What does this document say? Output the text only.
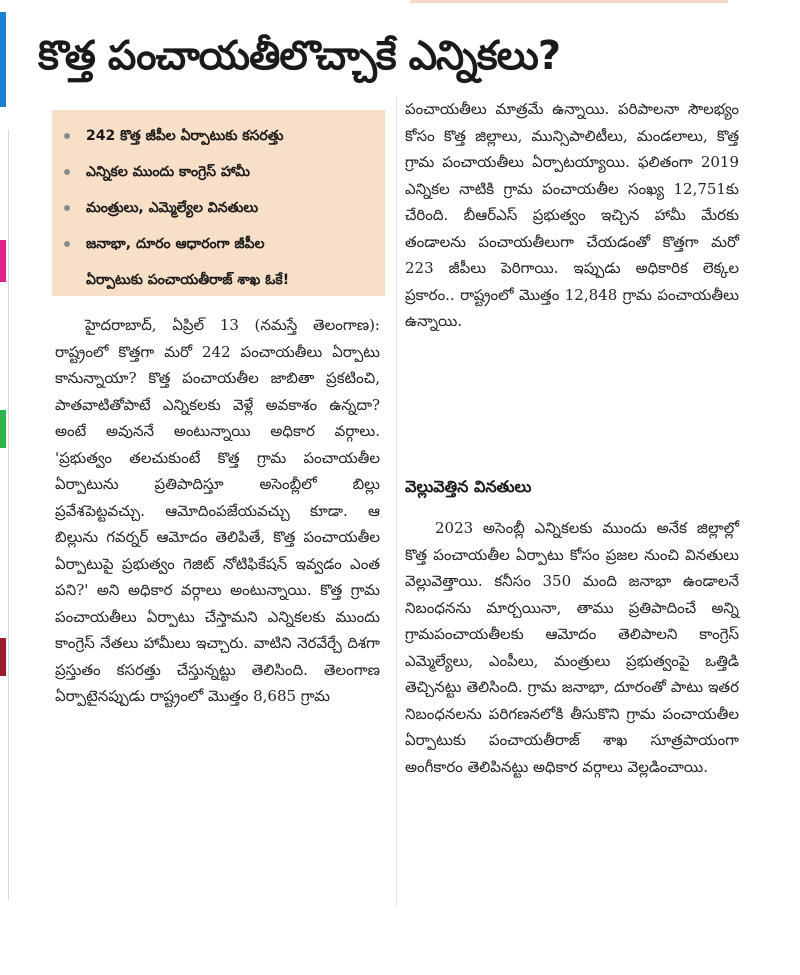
కొత్త పంచాయతీలొచ్చాకే ఎన్నికలు?
242 కొత్త జీపీల ఏర్పాటుకు కసరత్తు
ఎన్నికల ముందు కాంగ్రెస్ హామీ
మంత్రులు, ఎమ్మెల్యేల వినతులు
జనాభా, దూరం ఆధారంగా జీపీల
ఏర్పాటుకు పంచాయతీరాజ్ శాఖ ఓకే!

హైదరాబాద్, ఏప్రిల్ 13 (నమస్తే తెలంగాణ): రాష్ట్రంలో కొత్తగా మరో 242 పంచాయతీలు ఏర్పాటు కానున్నాయా? కొత్త పంచాయతీల జాబితా ప్రకటించి, పాతవాటితోపాటే ఎన్నికలకు వెళ్లే అవకాశం ఉన్నదా? అంటే అవుననే అంటున్నాయి అధికార వర్గాలు. 'ప్రభుత్వం తలచుకుంటే కొత్త గ్రామ పంచాయతీల ఏర్పాటును ప్రతిపాదిస్తూ అసెంబ్లీలో బిల్లు ప్రవేశపెట్టవచ్చు. ఆమోదింపజేయవచ్చు కూడా. ఆ బిల్లును గవర్నర్ ఆమోదం తెలిపితే, కొత్త పంచాయతీల ఏర్పాటుపై ప్రభుత్వం గెజిట్ నోటిఫికేషన్ ఇవ్వడం ఎంత పని?' అని అధికార వర్గాలు అంటున్నాయి. కొత్త గ్రామ పంచాయతీలు ఏర్పాటు చేస్తామని ఎన్నికలకు ముందు కాంగ్రెస్ నేతలు హామీలు ఇచ్చారు. వాటిని నెరవేర్చే దిశగా ప్రస్తుతం కసరత్తు చేస్తున్నట్టు తెలిసింది. తెలంగాణ ఏర్పాటైనప్పుడు రాష్ట్రంలో మొత్తం 8,685 గ్రామ

పంచాయతీలు మాత్రమే ఉన్నాయి. పరిపాలనా సౌలభ్యం కోసం కొత్త జిల్లాలు, మున్సిపాలిటీలు, మండలాలు, కొత్త గ్రామ పంచాయతీలు ఏర్పాటయ్యాయి. ఫలితంగా 2019 ఎన్నికల నాటికి గ్రామ పంచాయతీల సంఖ్య 12,751కు చేరింది. బీఆర్ఎస్ ప్రభుత్వం ఇచ్చిన హామీ మేరకు తండాలను పంచాయతీలుగా చేయడంతో కొత్తగా మరో 223 జీపీలు పెరిగాయి. ఇప్పుడు అధికారిక లెక్కల ప్రకారం.. రాష్ట్రంలో మొత్తం 12,848 గ్రామ పంచాయతీలు ఉన్నాయి.

వెల్లువెత్తిన వినతులు

2023 అసెంబ్లీ ఎన్నికలకు ముందు అనేక జిల్లాల్లో కొత్త పంచాయతీల ఏర్పాటు కోసం ప్రజల నుంచి వినతులు వెల్లువెత్తాయి. కనీసం 350 మంది జనాభా ఉండాలనే నిబంధనను మార్చయినా, తాము ప్రతిపాదించే అన్ని గ్రామపంచాయతీలకు ఆమోదం తెలిపాలని కాంగ్రెస్ ఎమ్మెల్యేలు, ఎంపీలు, మంత్రులు ప్రభుత్వంపై ఒత్తిడి తెచ్చినట్టు తెలిసింది. గ్రామ జనాభా, దూరంతో పాటు ఇతర నిబంధనలను పరిగణనలోకి తీసుకొని గ్రామ పంచాయతీల ఏర్పాటుకు పంచాయతీరాజ్ శాఖ సూత్రపాయంగా అంగీకారం తెలిపినట్టు అధికార వర్గాలు వెల్లడించాయి.
